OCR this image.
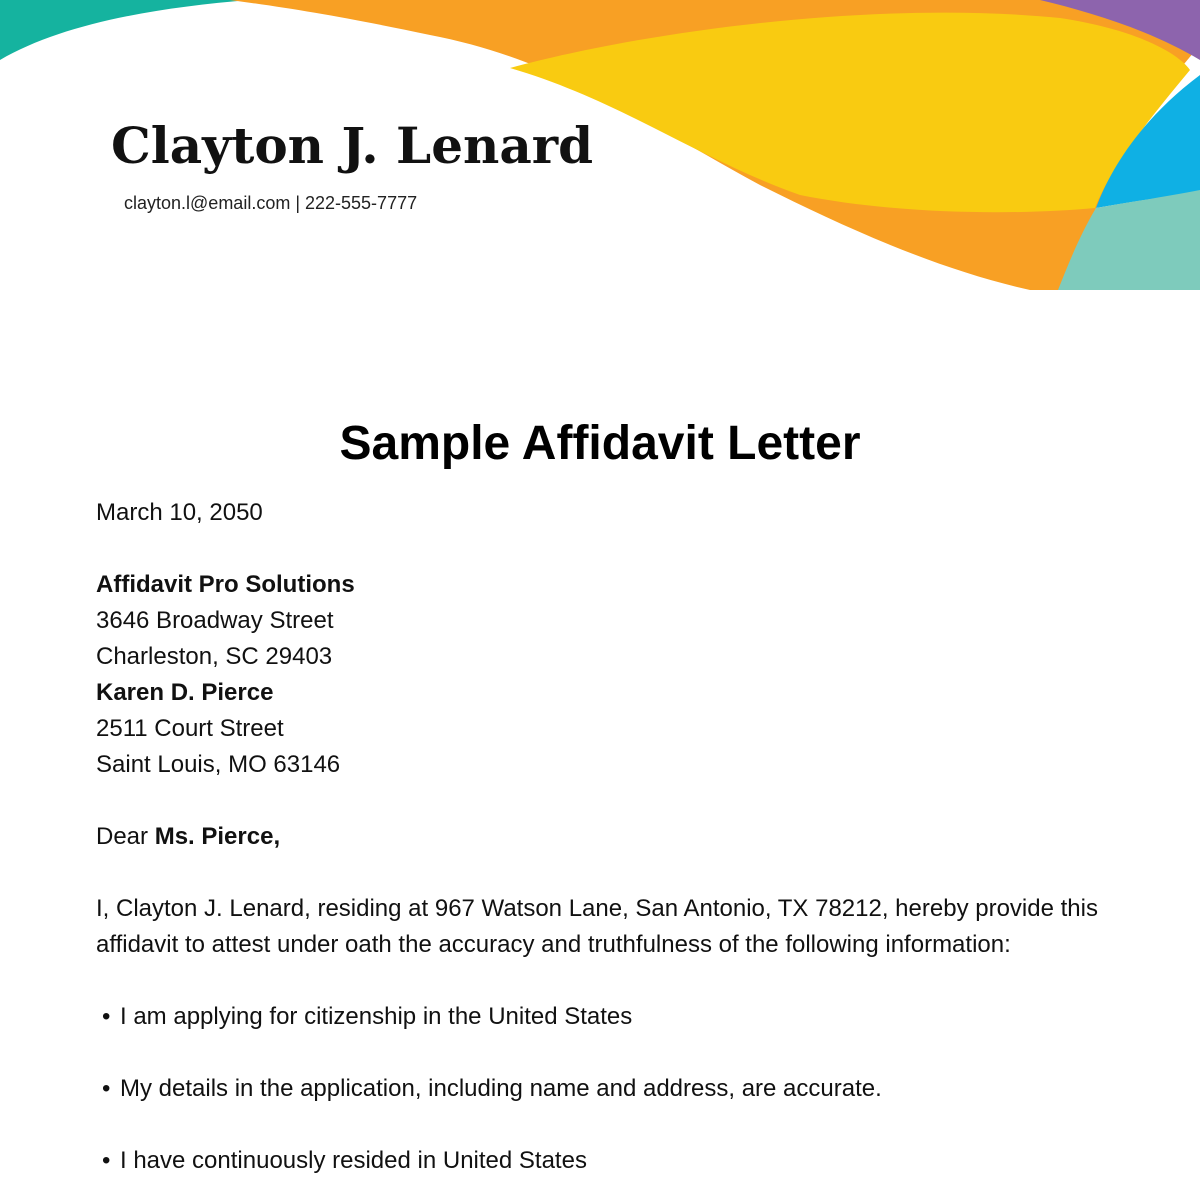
Clayton J. Lenard
clayton.l@email.com | 222-555-7777
Sample Affidavit Letter
March 10, 2050
Affidavit Pro Solutions
3646 Broadway Street
Charleston, SC 29403
Karen D. Pierce
2511 Court Street
Saint Louis, MO 63146
Dear Ms. Pierce,
I, Clayton J. Lenard, residing at 967 Watson Lane, San Antonio, TX 78212, hereby provide this affidavit to attest under oath the accuracy and truthfulness of the following information:
• I am applying for citizenship in the United States
• My details in the application, including name and address, are accurate.
• I have continuously resided in United States
